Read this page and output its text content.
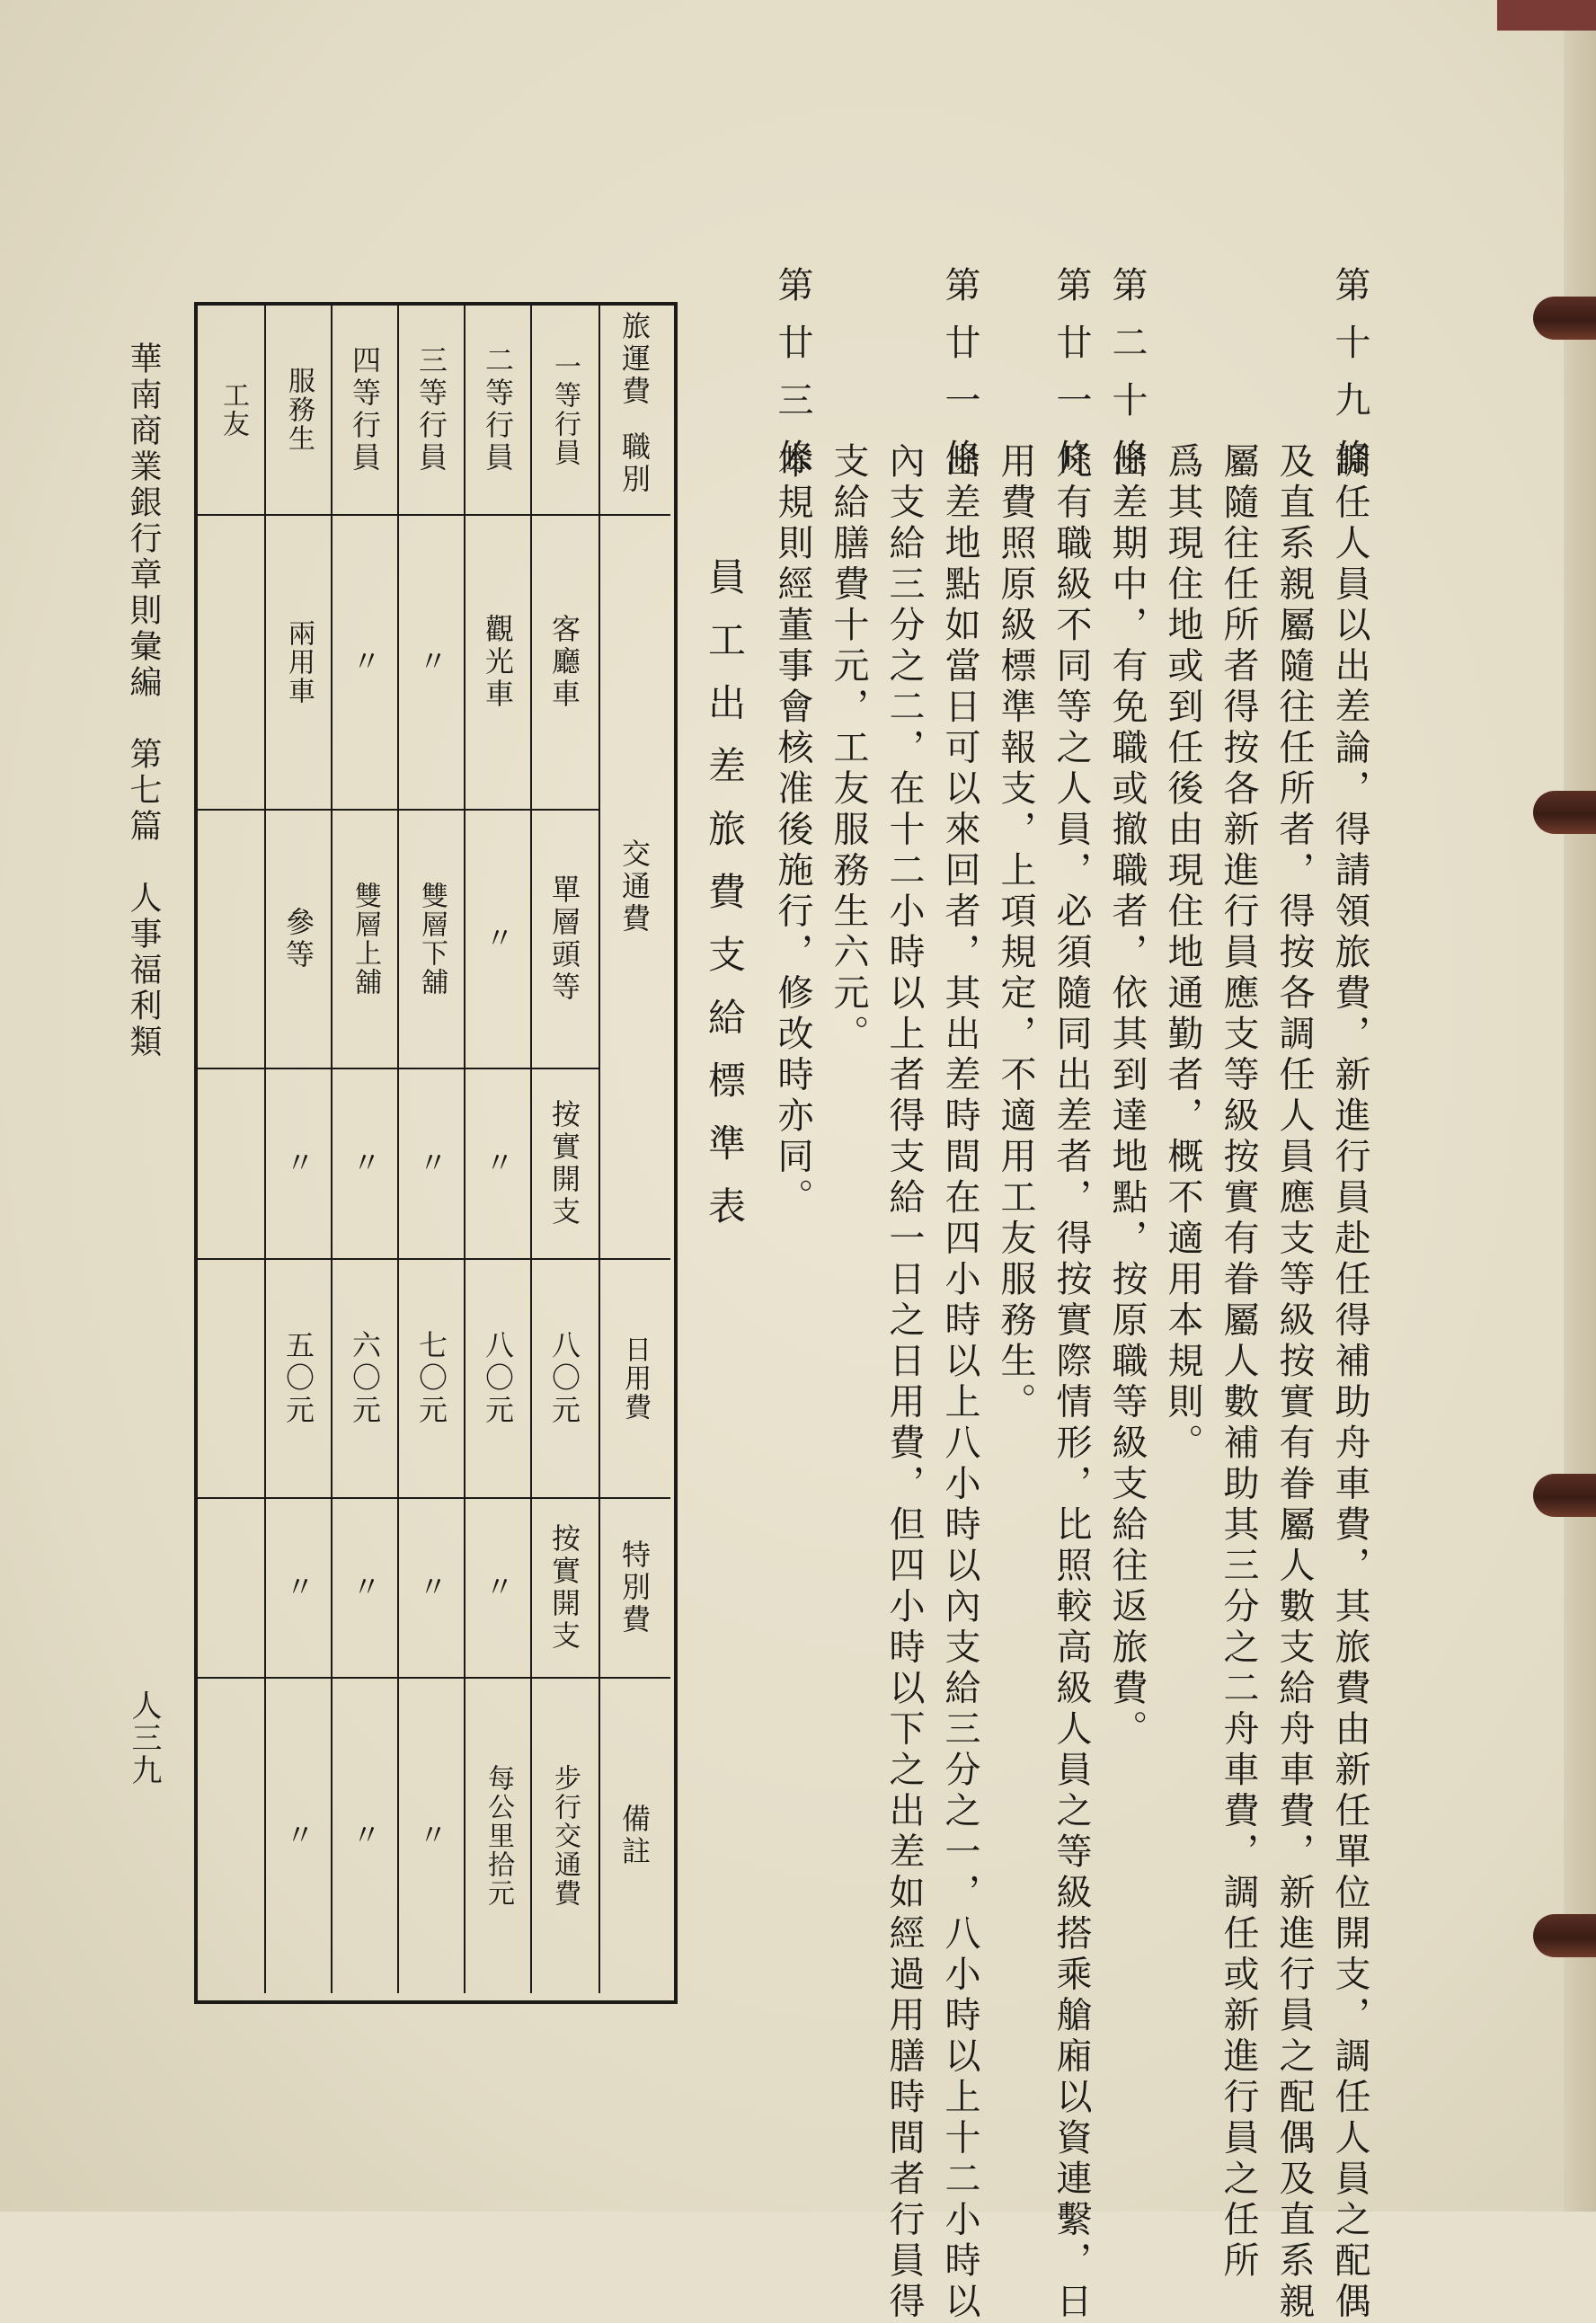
第十九條
調任人員以出差論，得請領旅費，新進行員赴任得補助舟車費，其旅費由新任單位開支，調任人員之配偶
及直系親屬隨往任所者，得按各調任人員應支等級按實有眷屬人數支給舟車費，新進行員之配偶及直系親
屬隨往任所者得按各新進行員應支等級按實有眷屬人數補助其三分之二舟車費，調任或新進行員之任所
爲其現住地或到任後由現住地通勤者，概不適用本規則。
第二十條
出差期中，有免職或撤職者，依其到達地點，按原職等級支給往返旅費。
第廿一條
凡有職級不同等之人員，必須隨同出差者，得按實際情形，比照較高級人員之等級搭乘艙廂以資連繫，日
用費照原級標準報支，上項規定，不適用工友服務生。
第廿一條
出差地點如當日可以來回者，其出差時間在四小時以上八小時以內支給三分之一，八小時以上十二小時以
內支給三分之二，在十二小時以上者得支給一日之日用費，但四小時以下之出差如經過用膳時間者行員得
支給膳費十元，工友服務生六元。
第廿三條
本規則經董事會核准後施行，修改時亦同。
員工出差旅費支給標準表
旅運費
職別
一等行員
二等行員
三等行員
四等行員
服務生
工友
交通費
日用費
特別費
備註
客廳車
觀光車
〃
〃
兩用車
單層頭等
〃
雙層下舖
雙層上舖
參等
按實開支
〃
〃
〃
〃
八〇元
八〇元
七〇元
六〇元
五〇元
按實開支
〃
〃
〃
〃
步行交通費
每公里拾元
〃
〃
〃
華南商業銀行章則彙編　第七篇　人事福利類
人三九
